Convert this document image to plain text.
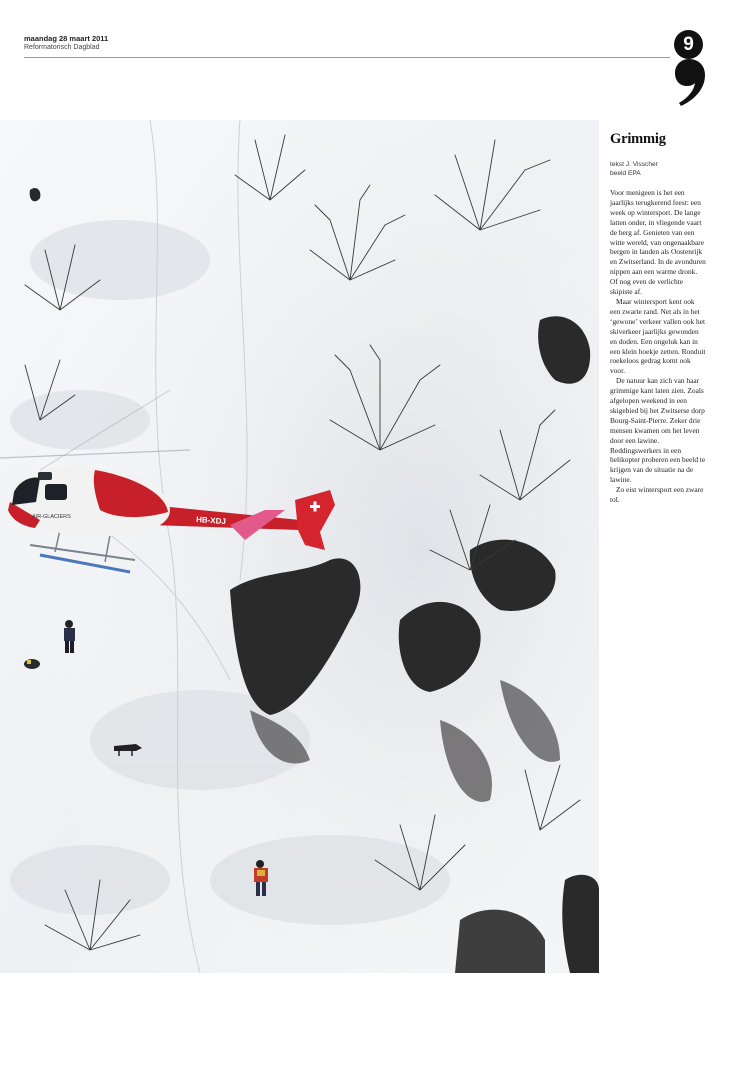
maandag 28 maart 2011
Reformatorisch Dagblad	9
AIR-GLACIERS	HB-XDJ
Grimmig
tekst J. Visscher
beeld EPA

Voor menigeen is het een jaarlijks terugkerend feest: een week op wintersport. De lange latten onder, in vliegende vaart de berg af. Genieten van een witte wereld, van ongenaakbare bergen in landen als Oostenrijk en Zwitserland. In de avonduren nippen aan een warme dronk. Of nog even de verlichte skipiste af.

Maar wintersport kent ook een zwarte rand. Net als in het ‘gewone’ verkeer vallen ook het skiverkeer jaarlijks gewonden en doden. Een ongeluk kan in een klein hoekje zetten. Ronduit roekeloos gedrag komt ook voor.

De natuur kan zich van haar grimmige kant laten zien. Zoals afgelopen weekend in een skigebied bij het Zwitserse dorp Bourg-Saint-Pierre. Zeker drie mensen kwamen om het leven door een lawine. Reddingswerkers in een helikopter proberen een beeld te krijgen van de situatie na de lawine.

Zo eist wintersport een zware tol.
